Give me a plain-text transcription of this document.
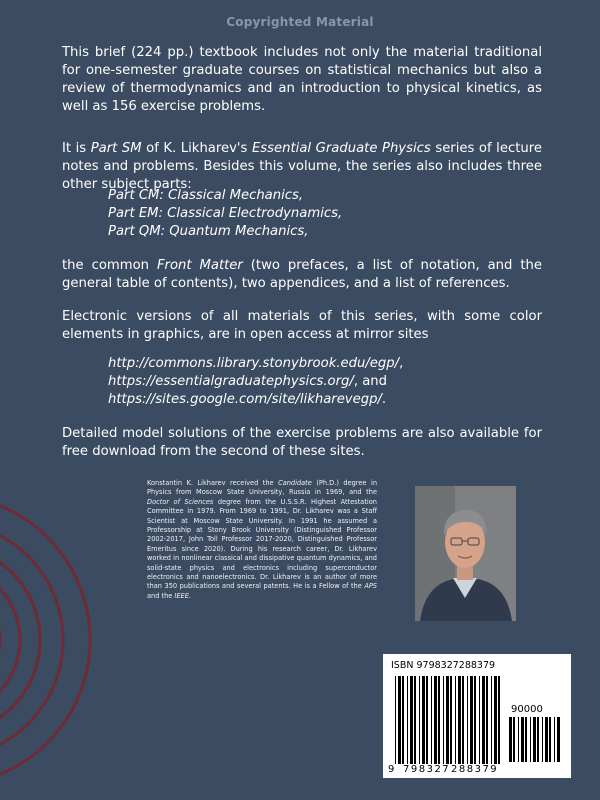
Copyrighted Material
This brief (224 pp.) textbook includes not only the material traditional for one-semester graduate courses on statistical mechanics but also a review of thermodynamics and an introduction to physical kinetics, as well as 156 exercise problems.
It is Part SM of K. Likharev's Essential Graduate Physics series of lecture notes and problems. Besides this volume, the series also includes three other subject parts:
Part CM: Classical Mechanics,
Part EM: Classical Electrodynamics,
Part QM: Quantum Mechanics,
the common Front Matter (two prefaces, a list of notation, and the general table of contents), two appendices, and a list of references.
Electronic versions of all materials of this series, with some color elements in graphics, are in open access at mirror sites
http://commons.library.stonybrook.edu/egp/,
https://essentialgraduatephysics.org/, and
https://sites.google.com/site/likharevegp/.
Detailed model solutions of the exercise problems are also available for free download from the second of these sites.
Konstantin K. Likharev received the Candidate (Ph.D.) degree in Physics from Moscow State University, Russia in 1969, and the Doctor of Sciences degree from the U.S.S.R. Highest Attestation Committee in 1979. From 1969 to 1991, Dr. Likharev was a Staff Scientist at Moscow State University. In 1991 he assumed a Professorship at Stony Brook University (Distinguished Professor 2002-2017, John Toll Professor 2017-2020, Distinguished Professor Emeritus since 2020). During his research career, Dr. Likharev worked in nonlinear classical and dissipative quantum dynamics, and solid-state physics and electronics including superconductor electronics and nanoelectronics. Dr. Likharev is an author of more than 350 publications and several patents. He is a Fellow of the APS and the IEEE.
ISBN 9798327288379
90000
9 798327 288379
